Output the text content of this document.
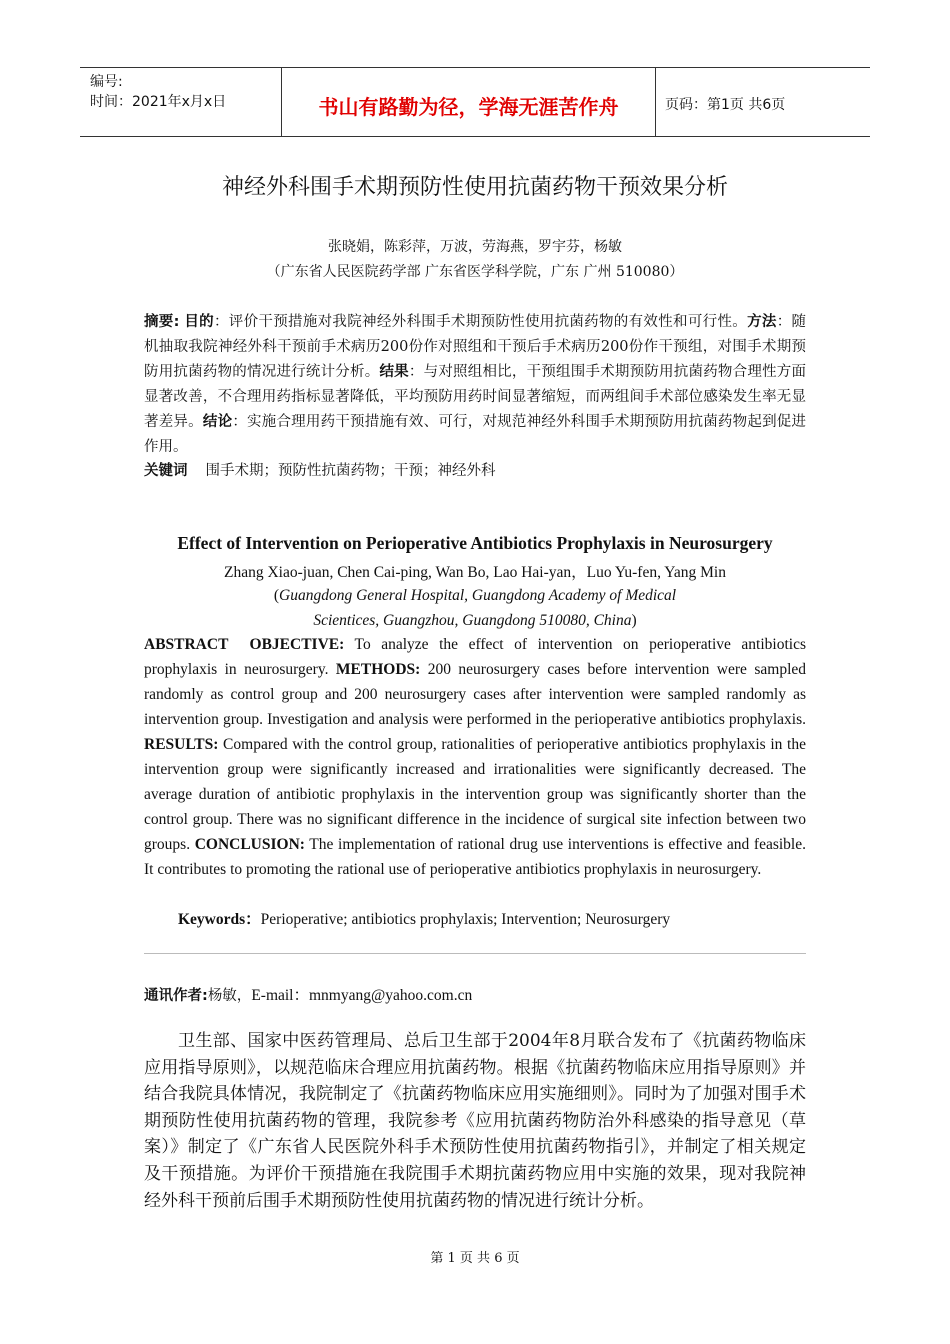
编号:
时间：2021年x月x日	书山有路勤为径，学海无涯苦作舟	页码：第1页 共6页
神经外科围手术期预防性使用抗菌药物干预效果分析
张晓娟，陈彩萍，万波，劳海燕，罗宇芬，杨敏
（广东省人民医院药学部 广东省医学科学院，广东 广州 510080）
摘要: 目的：评价干预措施对我院神经外科围手术期预防性使用抗菌药物的有效性和可行性。方法：随机抽取我院神经外科干预前手术病历200份作对照组和干预后手术病历200份作干预组，对围手术期预防用抗菌药物的情况进行统计分析。结果：与对照组相比，干预组围手术期预防用抗菌药物合理性方面显著改善，不合理用药指标显著降低，平均预防用药时间显著缩短，而两组间手术部位感染发生率无显著差异。结论：实施合理用药干预措施有效、可行，对规范神经外科围手术期预防用抗菌药物起到促进作用。
关键词 围手术期；预防性抗菌药物；干预；神经外科
Effect of Intervention on Perioperative Antibiotics Prophylaxis in Neurosurgery
Zhang Xiao-juan, Chen Cai-ping, Wan Bo, Lao Hai-yan，Luo Yu-fen, Yang Min
(Guangdong General Hospital, Guangdong Academy of Medical Scientices, Guangzhou, Guangdong 510080, China)
ABSTRACT OBJECTIVE: To analyze the effect of intervention on perioperative antibiotics prophylaxis in neurosurgery. METHODS: 200 neurosurgery cases before intervention were sampled randomly as control group and 200 neurosurgery cases after intervention were sampled randomly as intervention group. Investigation and analysis were performed in the perioperative antibiotics prophylaxis. RESULTS: Compared with the control group, rationalities of perioperative antibiotics prophylaxis in the intervention group were significantly increased and irrationalities were significantly decreased. The average duration of antibiotic prophylaxis in the intervention group was significantly shorter than the control group. There was no significant difference in the incidence of surgical site infection between two groups. CONCLUSION: The implementation of rational drug use interventions is effective and feasible. It contributes to promoting the rational use of perioperative antibiotics prophylaxis in neurosurgery.
Keywords：Perioperative; antibiotics prophylaxis; Intervention; Neurosurgery
通讯作者:杨敏，E-mail：mnmyang@yahoo.com.cn
卫生部、国家中医药管理局、总后卫生部于2004年8月联合发布了《抗菌药物临床应用指导原则》，以规范临床合理应用抗菌药物。根据《抗菌药物临床应用指导原则》并结合我院具体情况，我院制定了《抗菌药物临床应用实施细则》。同时为了加强对围手术期预防性使用抗菌药物的管理，我院参考《应用抗菌药物防治外科感染的指导意见（草案）》制定了《广东省人民医院外科手术预防性使用抗菌药物指引》，并制定了相关规定及干预措施。为评价干预措施在我院围手术期抗菌药物应用中实施的效果，现对我院神经外科干预前后围手术期预防性使用抗菌药物的情况进行统计分析。
第 1 页 共 6 页
